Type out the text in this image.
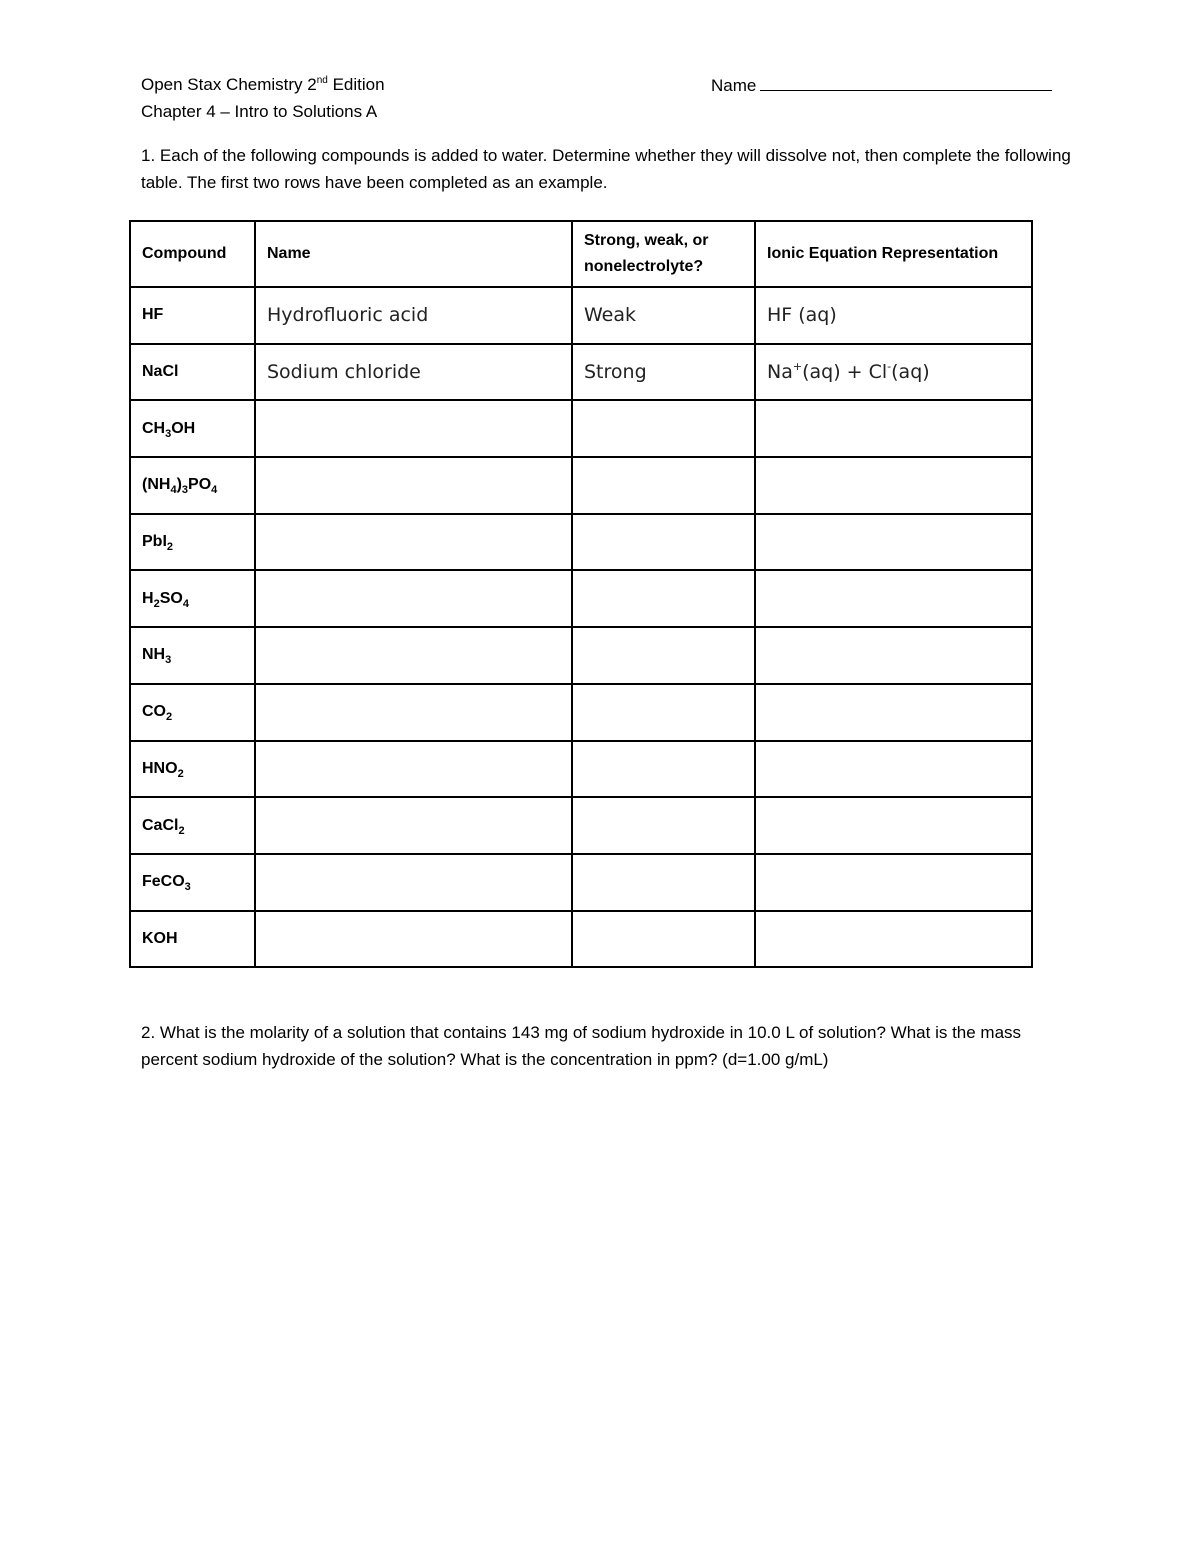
Open Stax Chemistry 2nd Edition	Name
Chapter 4 – Intro to Solutions A

1. Each of the following compounds is added to water. Determine whether they will dissolve not, then complete the following table. The first two rows have been completed as an example.

Compound	Name	Strong, weak, or nonelectrolyte?	Ionic Equation Representation
HF	Hydrofluoric acid	Weak	HF (aq)
NaCl	Sodium chloride	Strong	Na+(aq) + Cl-(aq)
$CH_3OH$			
$(NH_4)_3PO_4$			
PbI$_2$			
$H_2SO_4$			
$NH_3$			
$CO_2$			
$HNO_2$			
CaCl$_2$			
FeCO$_3$			
KOH			

2. What is the molarity of a solution that contains 143 mg of sodium hydroxide in 10.0 L of solution? What is the mass percent sodium hydroxide of the solution? What is the concentration in ppm? (d=1.00 g/mL)
